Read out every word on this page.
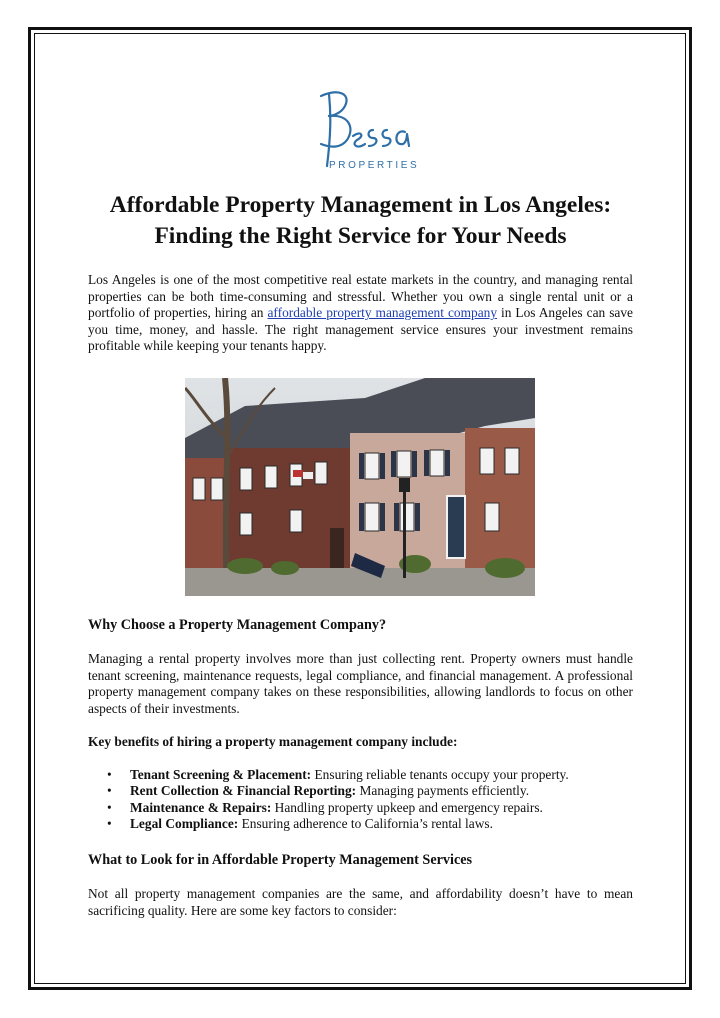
PROPERTIES
Affordable Property Management in Los Angeles: Finding the Right Service for Your Needs

Los Angeles is one of the most competitive real estate markets in the country, and managing rental properties can be both time-consuming and stressful. Whether you own a single rental unit or a portfolio of properties, hiring an affordable property management company in Los Angeles can save you time, money, and hassle. The right management service ensures your investment remains profitable while keeping your tenants happy.

Why Choose a Property Management Company?

Managing a rental property involves more than just collecting rent. Property owners must handle tenant screening, maintenance requests, legal compliance, and financial management. A professional property management company takes on these responsibilities, allowing landlords to focus on other aspects of their investments.

Key benefits of hiring a property management company include:
• Tenant Screening & Placement: Ensuring reliable tenants occupy your property.
• Rent Collection & Financial Reporting: Managing payments efficiently.
• Maintenance & Repairs: Handling property upkeep and emergency repairs.
• Legal Compliance: Ensuring adherence to California’s rental laws.
What to Look for in Affordable Property Management Services

Not all property management companies are the same, and affordability doesn’t have to mean sacrificing quality. Here are some key factors to consider:
